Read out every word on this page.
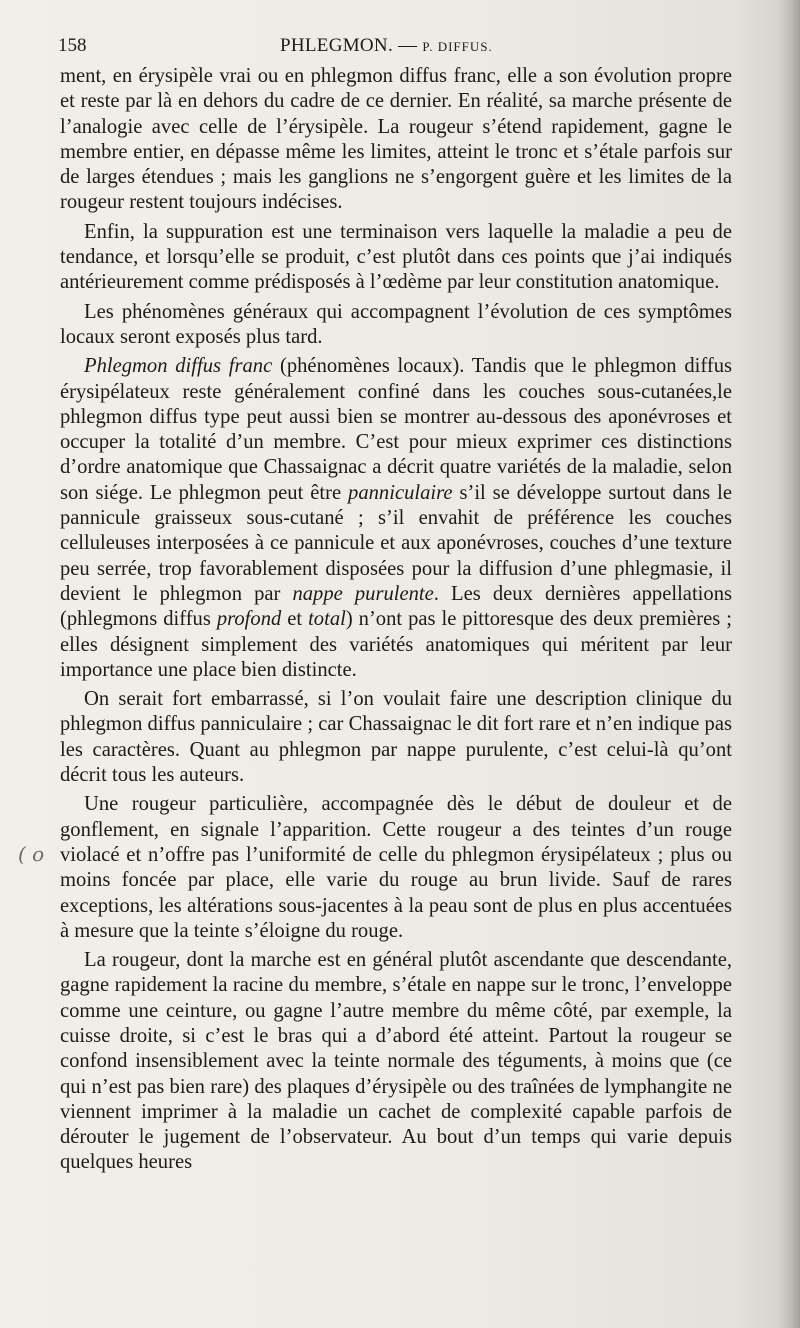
158	PHLEGMON. — P. DIFFUS.
( o

ment, en érysipèle vrai ou en phlegmon diffus franc, elle a son évolution propre et reste par là en dehors du cadre de ce dernier. En réalité, sa marche présente de l’analogie avec celle de l’érysipèle. La rougeur s’étend rapidement, gagne le membre entier, en dépasse même les limites, atteint le tronc et s’étale parfois sur de larges étendues ; mais les ganglions ne s’engorgent guère et les limites de la rougeur restent toujours indécises.

Enfin, la suppuration est une terminaison vers laquelle la maladie a peu de tendance, et lorsqu’elle se produit, c’est plutôt dans ces points que j’ai indiqués antérieurement comme prédisposés à l’œdème par leur constitution anatomique.

Les phénomènes généraux qui accompagnent l’évolution de ces symptômes locaux seront exposés plus tard.

Phlegmon diffus franc (phénomènes locaux). Tandis que le phlegmon diffus érysipélateux reste généralement confiné dans les couches sous-cutanées,le phlegmon diffus type peut aussi bien se montrer au-dessous des aponévroses et occuper la totalité d’un membre. C’est pour mieux exprimer ces distinctions d’ordre anatomique que Chassaignac a décrit quatre variétés de la maladie, selon son siége. Le phlegmon peut être panniculaire s’il se développe surtout dans le pannicule graisseux sous-cutané ; s’il envahit de préférence les couches celluleuses interposées à ce pannicule et aux aponévroses, couches d’une texture peu serrée, trop favorablement disposées pour la diffusion d’une phlegmasie, il devient le phlegmon par nappe purulente. Les deux dernières appellations (phlegmons diffus profond et total) n’ont pas le pittoresque des deux premières ; elles désignent simplement des variétés anatomiques qui méritent par leur importance une place bien distincte.

On serait fort embarrassé, si l’on voulait faire une description clinique du phlegmon diffus panniculaire ; car Chassaignac le dit fort rare et n’en indique pas les caractères. Quant au phlegmon par nappe purulente, c’est celui-là qu’ont décrit tous les auteurs.

Une rougeur particulière, accompagnée dès le début de douleur et de gonflement, en signale l’apparition. Cette rougeur a des teintes d’un rouge violacé et n’offre pas l’uniformité de celle du phlegmon érysipélateux ; plus ou moins foncée par place, elle varie du rouge au brun livide. Sauf de rares exceptions, les altérations sous-jacentes à la peau sont de plus en plus accentuées à mesure que la teinte s’éloigne du rouge.

La rougeur, dont la marche est en général plutôt ascendante que descendante, gagne rapidement la racine du membre, s’étale en nappe sur le tronc, l’enveloppe comme une ceinture, ou gagne l’autre membre du même côté, par exemple, la cuisse droite, si c’est le bras qui a d’abord été atteint. Partout la rougeur se confond insensiblement avec la teinte normale des téguments, à moins que (ce qui n’est pas bien rare) des plaques d’érysipèle ou des traînées de lymphangite ne viennent imprimer à la maladie un cachet de complexité capable parfois de dérouter le jugement de l’observateur. Au bout d’un temps qui varie depuis quelques heures
